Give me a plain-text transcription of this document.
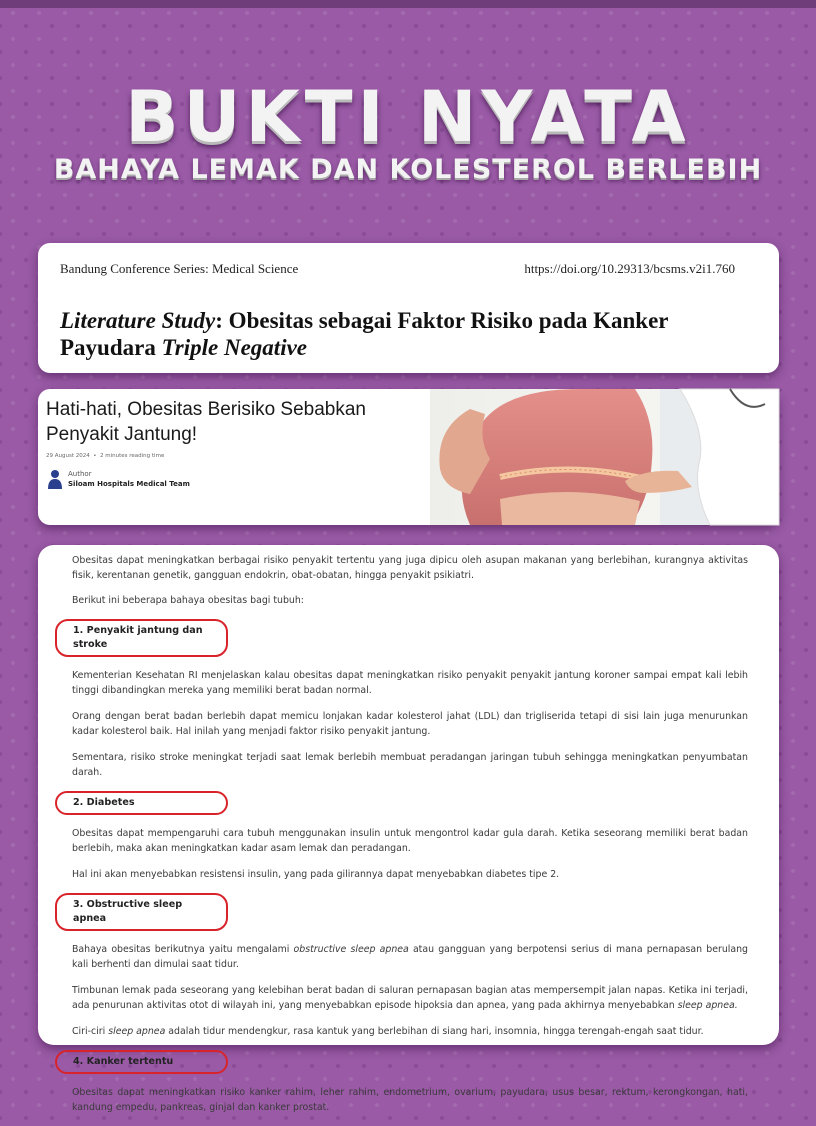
BUKTI NYATA
BAHAYA LEMAK DAN KOLESTEROL BERLEBIH
Bandung Conference Series: Medical Science	https://doi.org/10.29313/bcsms.v2i1.760
Literature Study: Obesitas sebagai Faktor Risiko pada Kanker Payudara Triple Negative
Hati-hati, Obesitas Berisiko Sebabkan Penyakit Jantung!
29 August 2024  •  2 minutes reading time
Author
Siloam Hospitals Medical Team

Obesitas dapat meningkatkan berbagai risiko penyakit tertentu yang juga dipicu oleh asupan makanan yang berlebihan, kurangnya aktivitas fisik, kerentanan genetik, gangguan endokrin, obat-obatan, hingga penyakit psikiatri.

Berikut ini beberapa bahaya obesitas bagi tubuh:

1. Penyakit jantung dan stroke

Kementerian Kesehatan RI menjelaskan kalau obesitas dapat meningkatkan risiko penyakit penyakit jantung koroner sampai empat kali lebih tinggi dibandingkan mereka yang memiliki berat badan normal.

Orang dengan berat badan berlebih dapat memicu lonjakan kadar kolesterol jahat (LDL) dan trigliserida tetapi di sisi lain juga menurunkan kadar kolesterol baik. Hal inilah yang menjadi faktor risiko penyakit jantung.

Sementara, risiko stroke meningkat terjadi saat lemak berlebih membuat peradangan jaringan tubuh sehingga meningkatkan penyumbatan darah.

2. Diabetes

Obesitas dapat mempengaruhi cara tubuh menggunakan insulin untuk mengontrol kadar gula darah. Ketika seseorang memiliki berat badan berlebih, maka akan meningkatkan kadar asam lemak dan peradangan.

Hal ini akan menyebabkan resistensi insulin, yang pada gilirannya dapat menyebabkan diabetes tipe 2.

3. Obstructive sleep apnea

Bahaya obesitas berikutnya yaitu mengalami obstructive sleep apnea atau gangguan yang berpotensi serius di mana pernapasan berulang kali berhenti dan dimulai saat tidur.

Timbunan lemak pada seseorang yang kelebihan berat badan di saluran pernapasan bagian atas mempersempit jalan napas. Ketika ini terjadi, ada penurunan aktivitas otot di wilayah ini, yang menyebabkan episode hipoksia dan apnea, yang pada akhirnya menyebabkan sleep apnea.

Ciri-ciri sleep apnea adalah tidur mendengkur, rasa kantuk yang berlebihan di siang hari, insomnia, hingga terengah-engah saat tidur.

4. Kanker tertentu

Obesitas dapat meningkatkan risiko kanker rahim, leher rahim, endometrium, ovarium, payudara, usus besar, rektum, kerongkongan, hati, kandung empedu, pankreas, ginjal dan kanker prostat.
